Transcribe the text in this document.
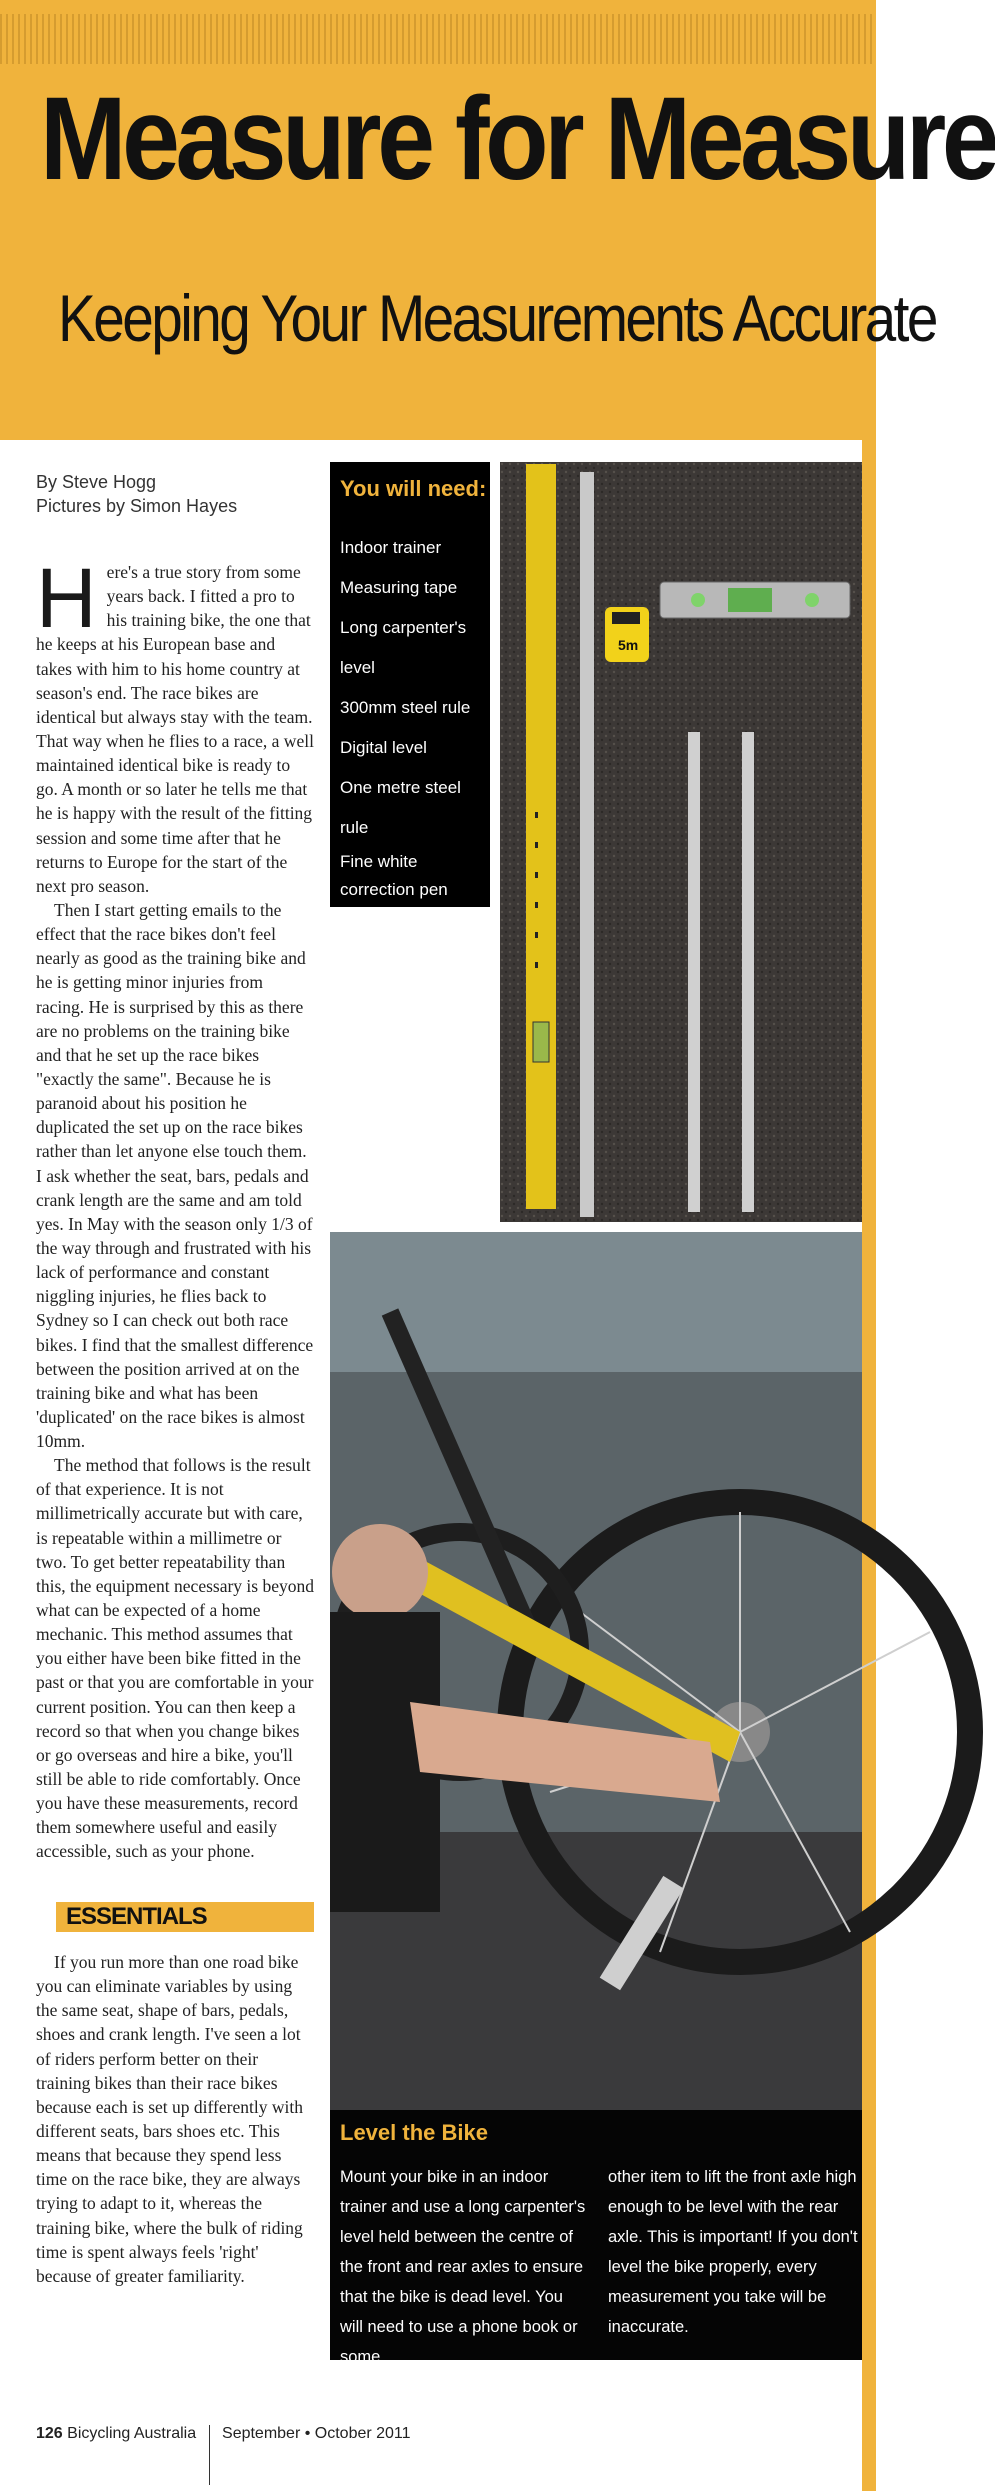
Measure for Measure
Keeping Your Measurements Accurate
By Steve Hogg
Pictures by Simon Hayes

Here's a true story from some years back. I fitted a pro to his training bike, the one that he keeps at his European base and takes with him to his home country at season's end. The race bikes are identical but always stay with the team. That way when he flies to a race, a well maintained identical bike is ready to go. A month or so later he tells me that he is happy with the result of the fitting session and some time after that he returns to Europe for the start of the next pro season.

Then I start getting emails to the effect that the race bikes don't feel nearly as good as the training bike and he is getting minor injuries from racing. He is surprised by this as there are no problems on the training bike and that he set up the race bikes "exactly the same". Because he is paranoid about his position he duplicated the set up on the race bikes rather than let anyone else touch them. I ask whether the seat, bars, pedals and crank length are the same and am told yes. In May with the season only 1/3 of the way through and frustrated with his lack of performance and constant niggling injuries, he flies back to Sydney so I can check out both race bikes. I find that the smallest difference between the position arrived at on the training bike and what has been 'duplicated' on the race bikes is almost 10mm.

The method that follows is the result of that experience. It is not millimetrically accurate but with care, is repeatable within a millimetre or two. To get better repeatability than this, the equipment necessary is beyond what can be expected of a home mechanic. This method assumes that you either have been bike fitted in the past or that you are comfortable in your current position. You can then keep a record so that when you change bikes or go overseas and hire a bike, you'll still be able to ride comfortably. Once you have these measurements, record them somewhere useful and easily accessible, such as your phone.

ESSENTIALS

If you run more than one road bike you can eliminate variables by using the same seat, shape of bars, pedals, shoes and crank length. I've seen a lot of riders perform better on their training bikes than their race bikes because each is set up differently with different seats, bars shoes etc. This means that because they spend less time on the race bike, they are always trying to adapt to it, whereas the training bike, where the bulk of riding time is spent always feels 'right' because of greater familiarity.

You will need:
Indoor trainer
Measuring tape
Long carpenter's level
300mm steel rule
Digital level
One metre steel rule
Fine white correction pen
(not shown)
5m
Level the Bike
Mount your bike in an indoor trainer and use a long carpenter's level held between the centre of the front and rear axles to ensure that the bike is dead level. You will need to use a phone book or some
other item to lift the front axle high enough to be level with the rear axle. This is important! If you don't level the bike properly, every measurement you take will be inaccurate.
126 Bicycling Australia September • October 2011
